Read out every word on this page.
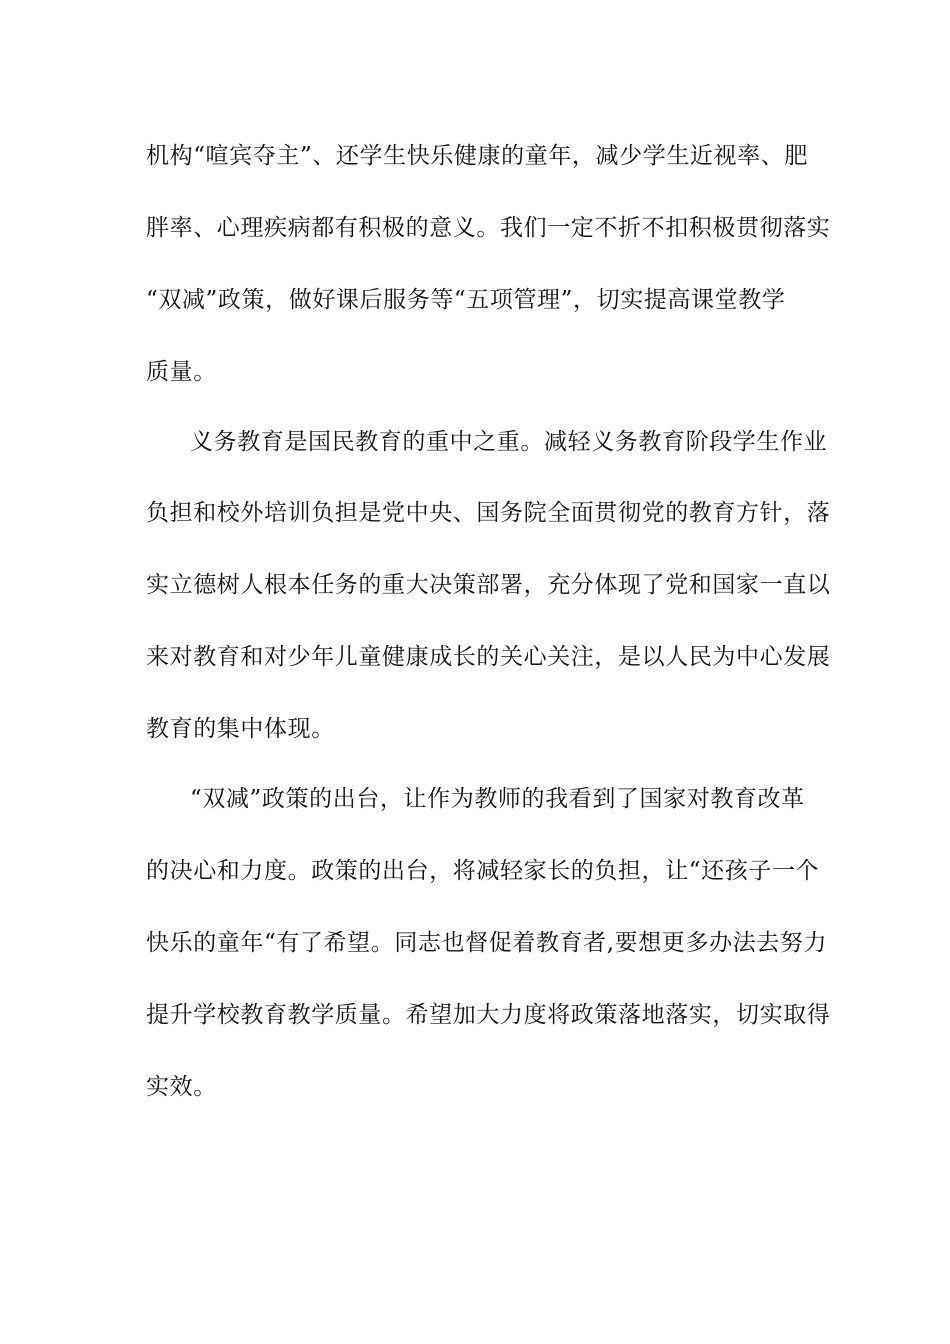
机构“喧宾夺主”、还学生快乐健康的童年，减少学生近视率、肥
胖率、心理疾病都有积极的意义。我们一定不折不扣积极贯彻落实
“双减”政策，做好课后服务等“五项管理”，切实提高课堂教学
质量。
义务教育是国民教育的重中之重。减轻义务教育阶段学生作业
负担和校外培训负担是党中央、国务院全面贯彻党的教育方针，落
实立德树人根本任务的重大决策部署，充分体现了党和国家一直以
来对教育和对少年儿童健康成长的关心关注，是以人民为中心发展
教育的集中体现。
“双减”政策的出台，让作为教师的我看到了国家对教育改革
的决心和力度。政策的出台，将减轻家长的负担，让“还孩子一个
快乐的童年“有了希望。同志也督促着教育者,要想更多办法去努力
提升学校教育教学质量。希望加大力度将政策落地落实，切实取得
实效。
